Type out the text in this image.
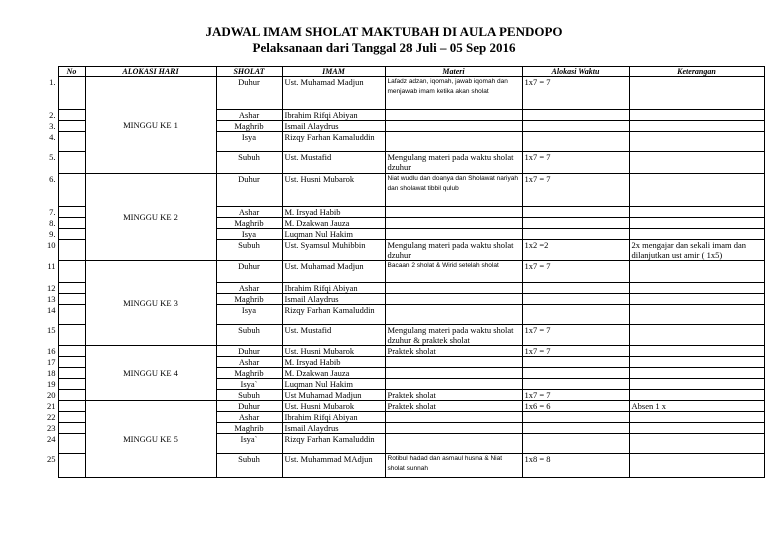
JADWAL IMAM SHOLAT MAKTUBAH DI AULA PENDOPO
Pelaksanaan dari Tanggal 28 Juli – 05 Sep 2016
	No	ALOKASI HARI	SHOLAT	IMAM	Materi	Alokasi Waktu	Keterangan
1.		MINGGU KE 1	Duhur	Ust. Muhamad Madjun	Lafadz adzan, iqomah, jawab iqomah dan menjawab imam ketika akan sholat	1x7 = 7	
2.			Ashar	Ibrahim Rifqi Abiyan			
3.			Maghrib	Ismail Alaydrus			
4.			Isya	Rizqy Farhan Kamaluddin			
5.			Subuh	Ust. Mustafid	Mengulang materi pada waktu sholat dzuhur	1x7 = 7	
6.		MINGGU KE 2	Duhur	Ust. Husni Mubarok	Niat wudlu dan doanya dan Sholawat nariyah dan sholawat tibbil qulub	1x7 = 7	
7.			Ashar	M. Irsyad Habib			
8.			Maghrib	M. Dzakwan Jauza			
9.			Isya	Luqman Nul Hakim			
10			Subuh	Ust. Syamsul Muhibbin	Mengulang materi pada waktu sholat dzuhur	1x2 =2	2x mengajar dan sekali imam dan dilanjutkan ust amir ( 1x5)
11		MINGGU KE 3	Duhur	Ust. Muhamad Madjun	Bacaan 2 sholat & Wirid setelah sholat	1x7 = 7	
12			Ashar	Ibrahim Rifqi Abiyan			
13			Maghrib	Ismail Alaydrus			
14			Isya	Rizqy Farhan Kamaluddin			
15			Subuh	Ust. Mustafid	Mengulang materi pada waktu sholat dzuhur & praktek sholat	1x7 = 7	
16		MINGGU KE 4	Duhur	Ust. Husni Mubarok	Praktek sholat	1x7 = 7	
17			Ashar	M. Irsyad Habib			
18			Maghrib	M. Dzakwan Jauza			
19			Isya`	Luqman Nul Hakim			
20			Subuh	Ust Muhamad Madjun	Praktek sholat	1x7 = 7	
21		MINGGU KE 5	Duhur	Ust. Husni Mubarok	Praktek sholat	1x6 = 6	Absen 1 x
22			Ashar	Ibrahim Rifqi Abiyan			
23			Maghrib	Ismail Alaydrus			
24			Isya`	Rizqy Farhan Kamaluddin			
25			Subuh	Ust. Muhammad MAdjun	Rotibul hadad dan asmaul husna & Niat sholat sunnah	1x8 = 8	
